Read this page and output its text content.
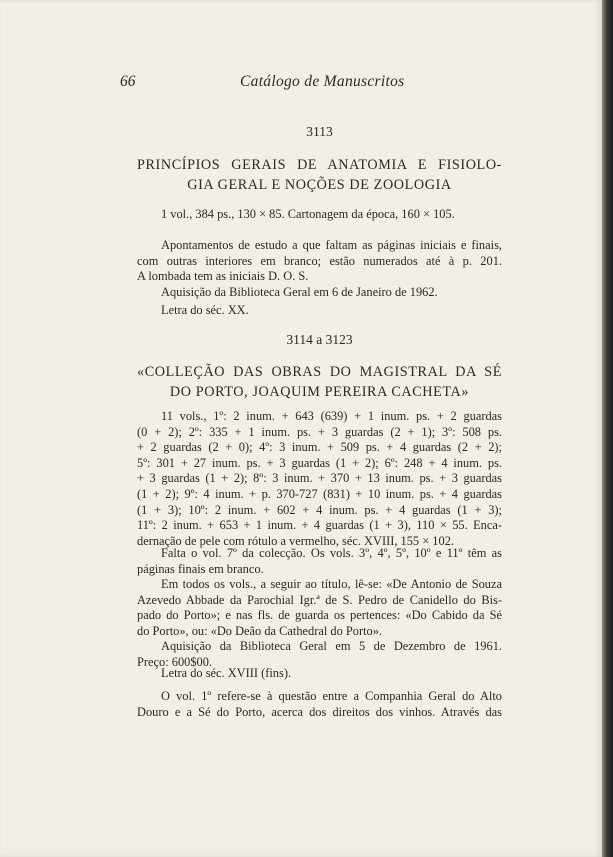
66	Catálogo de Manuscritos
3113
PRINCÍPIOS GERAIS DE ANATOMIA E FISIOLO-
GIA GERAL E NOÇÕES DE ZOOLOGIA
1 vol., 384 ps., 130 × 85. Cartonagem da época, 160 × 105.
Apontamentos de estudo a que faltam as páginas iniciais e finais,
com outras interiores em branco; estão numerados até à p. 201.
A lombada tem as iniciais D. O. S.
Aquisição da Biblioteca Geral em 6 de Janeiro de 1962.
Letra do séc. XX.
3114 a 3123
«COLLEÇÃO DAS OBRAS DO MAGISTRAL DA SÉ
DO PORTO, JOAQUIM PEREIRA CACHETA»
11 vols., 1º: 2 inum. + 643 (639) + 1 inum. ps. + 2 guardas
(0 + 2); 2º: 335 + 1 inum. ps. + 3 guardas (2 + 1); 3º: 508 ps.
+ 2 guardas (2 + 0); 4º: 3 inum. + 509 ps. + 4 guardas (2 + 2);
5º: 301 + 27 inum. ps. + 3 guardas (1 + 2); 6º: 248 + 4 inum. ps.
+ 3 guardas (1 + 2); 8º: 3 inum. + 370 + 13 inum. ps. + 3 guardas
(1 + 2); 9º: 4 inum. + p. 370-727 (831) + 10 inum. ps. + 4 guardas
(1 + 3); 10º: 2 inum. + 602 + 4 inum. ps. + 4 guardas (1 + 3);
11º: 2 inum. + 653 + 1 inum. + 4 guardas (1 + 3), 110 × 55. Enca-
dernação de pele com rótulo a vermelho, séc. XVIII, 155 × 102.
Falta o vol. 7º da colecção. Os vols. 3º, 4º, 5º, 10º e 11º têm as
páginas finais em branco.
Em todos os vols., a seguir ao título, lê-se: «De Antonio de Souza
Azevedo Abbade da Parochial Igr.ª de S. Pedro de Canidello do Bis-
pado do Porto»; e nas fls. de guarda os pertences: «Do Cabido da Sé
do Porto», ou: «Do Deão da Cathedral do Porto».
Aquisição da Biblioteca Geral em 5 de Dezembro de 1961.
Preço: 600$00.
Letra do séc. XVIII (fins).
O vol. 1º refere-se à questão entre a Companhia Geral do Alto
Douro e a Sé do Porto, acerca dos direitos dos vinhos. Através das
